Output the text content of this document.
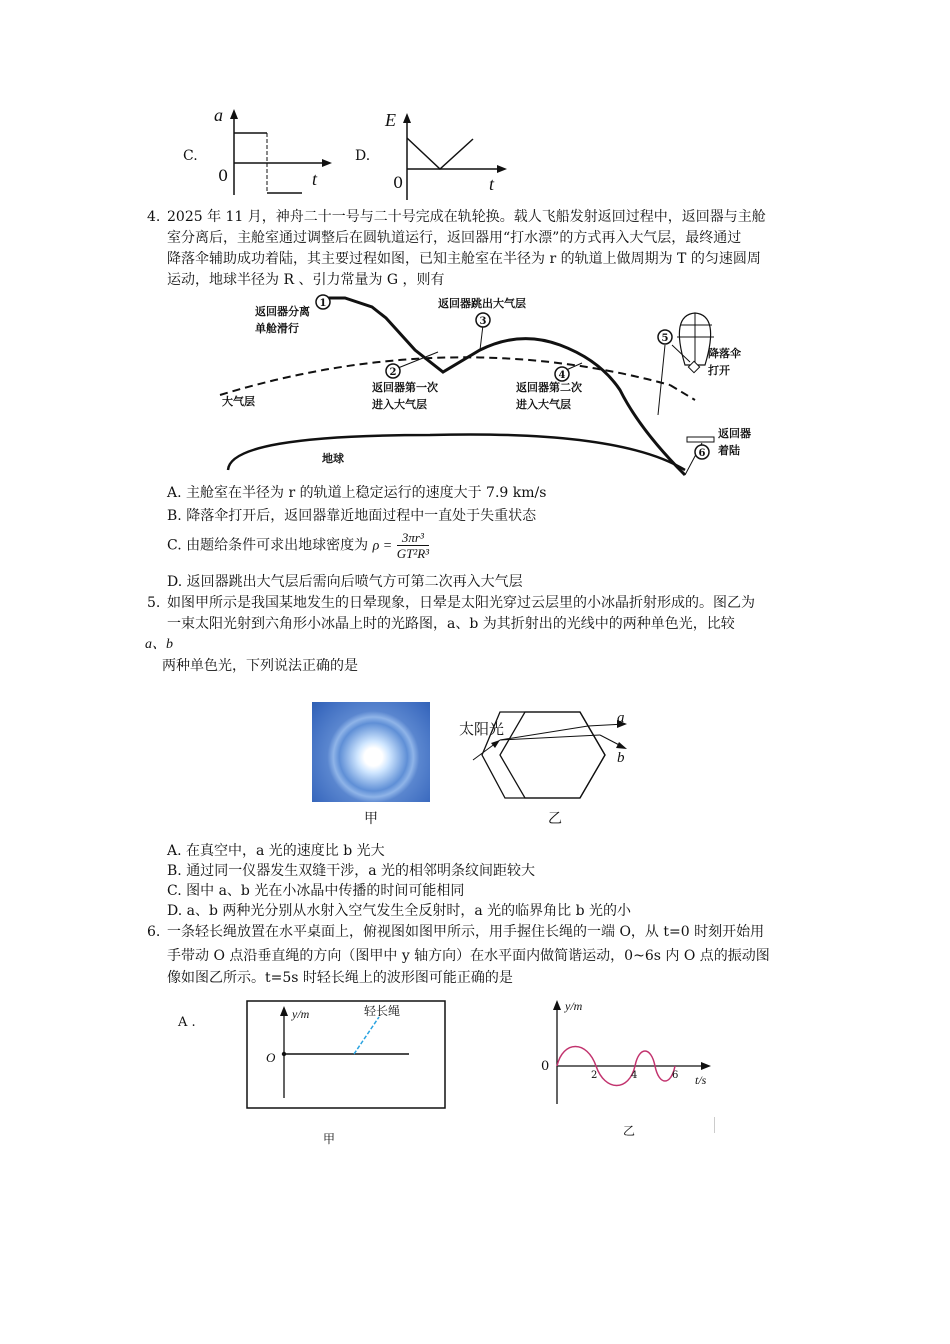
C.
a
t
0
D.
E
t
0
4. 2025 年 11 月，神舟二十一号与二十号完成在轨轮换。载人飞船发射返回过程中，返回器与主舱
室分离后，主舱室通过调整后在圆轨道运行，返回器用“打水漂”的方式再入大气层，最终通过
降落伞辅助成功着陆，其主要过程如图，已知主舱室在半径为 r 的轨道上做周期为 T 的匀速圆周
运动，地球半径为 R 、引力常量为 G ，则有
1
2
3
4
5
6
返回器分离
单舱滑行
返回器跳出大气层
返回器第一次
进入大气层
返回器第二次
进入大气层
降落伞
打开
返回器
着陆
大气层
地球
A. 主舱室在半径为 r 的轨道上稳定运行的速度大于 7.9 km/s
B. 降落伞打开后，返回器靠近地面过程中一直处于失重状态
C. 由题给条件可求出地球密度为 $\rho = \frac{\text{3πr³}}{\text{GT²R³}}$
D. 返回器跳出大气层后需向后喷气方可第二次再入大气层
5. 如图甲所示是我国某地发生的日晕现象，日晕是太阳光穿过云层里的小冰晶折射形成的。图乙为
一束太阳光射到六角形小冰晶上时的光路图，a、b 为其折射出的光线中的两种单色光，比较
a、b
两种单色光，下列说法正确的是
甲
太阳光
a
b
乙
A. 在真空中，a 光的速度比 b 光大
B. 通过同一仪器发生双缝干涉，a 光的相邻明条纹间距较大
C. 图中 a、b 光在小冰晶中传播的时间可能相同
D. a、b 两种光分别从水射入空气发生全反射时，a 光的临界角比 b 光的小
6. 一条轻长绳放置在水平桌面上，俯视图如图甲所示，用手握住长绳的一端 O，从 t=0 时刻开始用
手带动 O 点沿垂直绳的方向（图甲中 y 轴方向）在水平面内做简谐运动，0~6s 内 O 点的振动图
像如图乙所示。t=5s 时轻长绳上的波形图可能正确的是
A .
y/m
O
轻长绳
甲
y/m
t/s
0
2	4	6
乙
